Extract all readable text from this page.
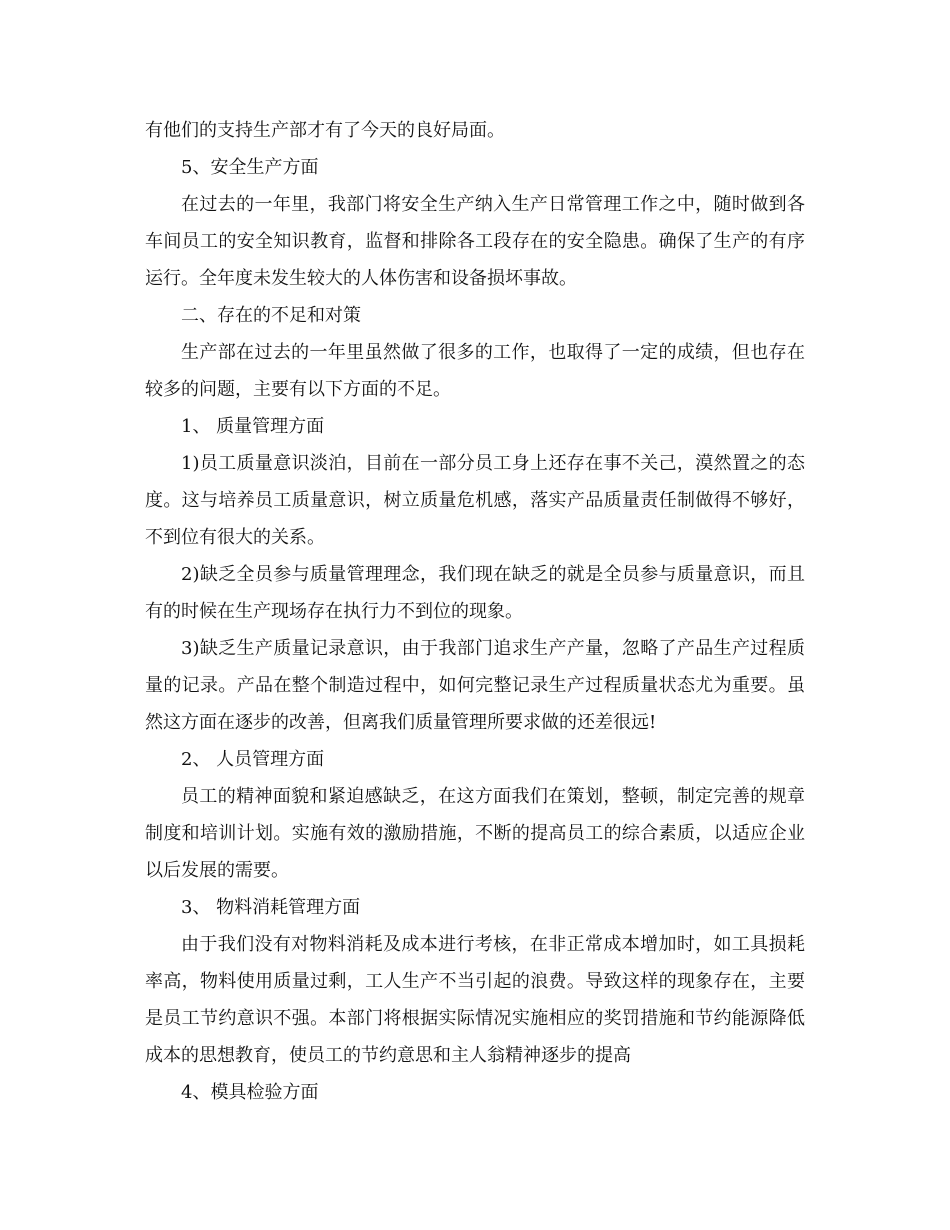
有他们的支持生产部才有了今天的良好局面。

5、安全生产方面

在过去的一年里，我部门将安全生产纳入生产日常管理工作之中，随时做到各车间员工的安全知识教育，监督和排除各工段存在的安全隐患。确保了生产的有序运行。全年度未发生较大的人体伤害和设备损坏事故。

二、存在的不足和对策

生产部在过去的一年里虽然做了很多的工作，也取得了一定的成绩，但也存在较多的问题，主要有以下方面的不足。

1、 质量管理方面

1)员工质量意识淡泊，目前在一部分员工身上还存在事不关己，漠然置之的态度。这与培养员工质量意识，树立质量危机感，落实产品质量责任制做得不够好，不到位有很大的关系。

2)缺乏全员参与质量管理理念，我们现在缺乏的就是全员参与质量意识，而且有的时候在生产现场存在执行力不到位的现象。

3)缺乏生产质量记录意识，由于我部门追求生产产量，忽略了产品生产过程质量的记录。产品在整个制造过程中，如何完整记录生产过程质量状态尤为重要。虽然这方面在逐步的改善，但离我们质量管理所要求做的还差很远!

2、 人员管理方面

员工的精神面貌和紧迫感缺乏，在这方面我们在策划，整顿，制定完善的规章制度和培训计划。实施有效的激励措施，不断的提高员工的综合素质，以适应企业以后发展的需要。

3、 物料消耗管理方面

由于我们没有对物料消耗及成本进行考核，在非正常成本增加时，如工具损耗率高，物料使用质量过剩，工人生产不当引起的浪费。导致这样的现象存在，主要是员工节约意识不强。本部门将根据实际情况实施相应的奖罚措施和节约能源降低成本的思想教育，使员工的节约意思和主人翁精神逐步的提高

4、模具检验方面
